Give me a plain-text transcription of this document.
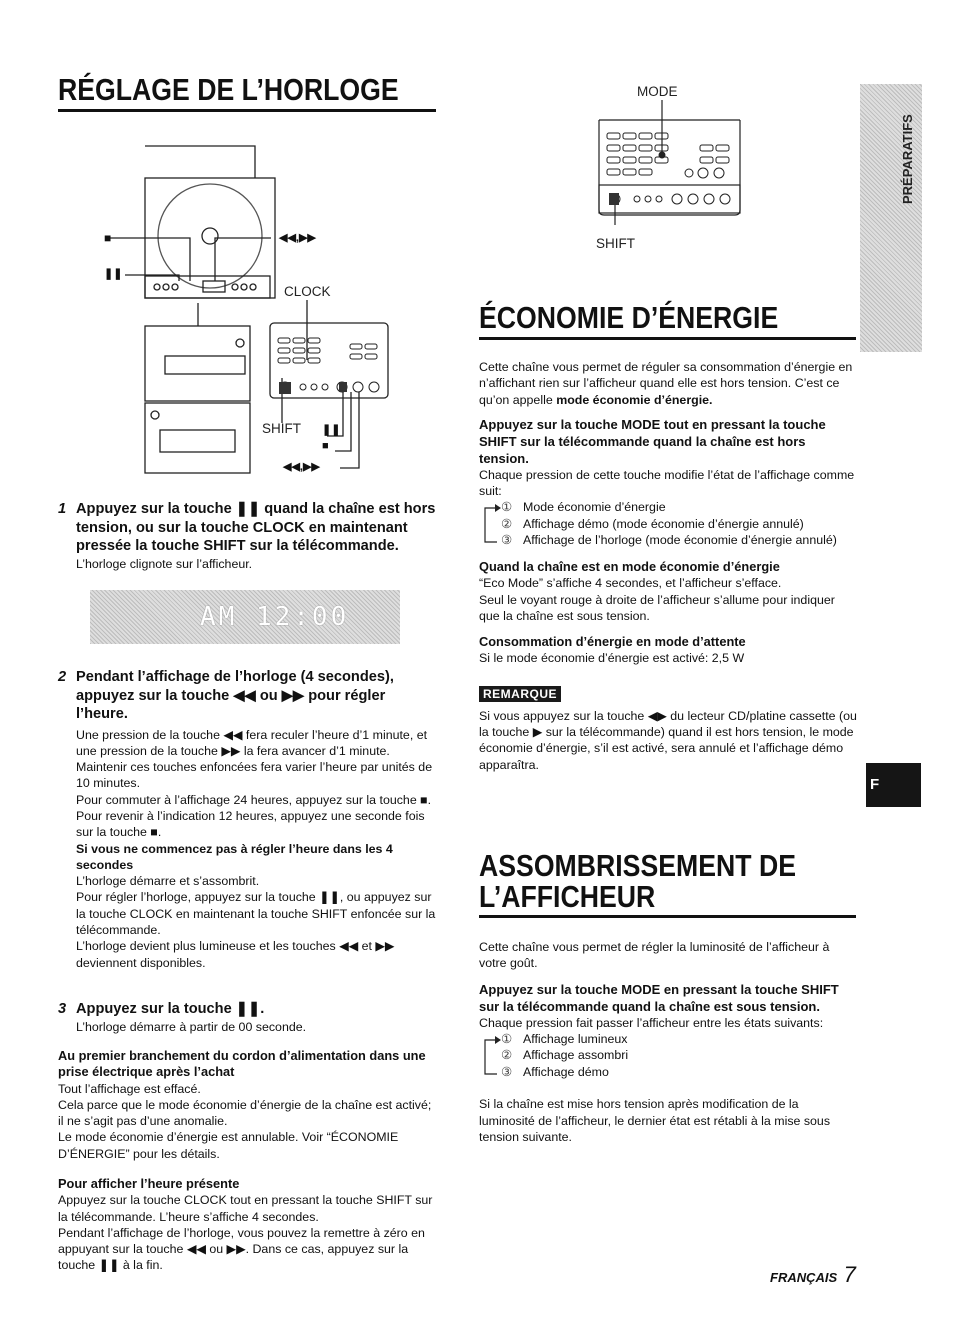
RÉGLAGE DE L’HORLOGE
CLOCK
SHIFT
■
❚❚
◀◀,▶▶
❚❚
■
◀◀,▶▶
1 Appuyez sur la touche ❚❚ quand la chaîne est hors tension, ou sur la touche CLOCK en maintenant pressée la touche SHIFT sur la télécommande.

L’horloge clignote sur l’afficheur.

AM 12:00
2 Pendant l’affichage de l’horloge (4 secondes), appuyez sur la touche ◀◀ ou ▶▶ pour régler l’heure.

Une pression de la touche ◀◀ fera reculer l’heure d’1 minute, et une pression de la touche ▶▶ la fera avancer d’1 minute. Maintenir ces touches enfoncées fera varier l’heure par unités de 10 minutes.

Pour commuter à l’affichage 24 heures, appuyez sur la touche ■.

Pour revenir à l’indication 12 heures, appuyez une seconde fois sur la touche ■.

Si vous ne commencez pas à régler l’heure dans les 4 secondes

L’horloge démarre et s’assombrit.

Pour régler l’horloge, appuyez sur la touche ❚❚, ou appuyez sur la touche CLOCK en maintenant la touche SHIFT enfoncée sur la télécommande.

L’horloge devient plus lumineuse et les touches ◀◀ et ▶▶ deviennent disponibles.

3 Appuyez sur la touche ❚❚.

L’horloge démarre à partir de 00 seconde.

Au premier branchement du cordon d’alimentation dans une prise électrique après l’achat

Tout l’affichage est effacé.

Cela parce que le mode économie d’énergie de la chaîne est activé; il ne s’agit pas d’une anomalie.

Le mode économie d’énergie est annulable. Voir “ÉCONOMIE D’ÉNERGIE” pour les détails.

Pour afficher l’heure présente

Appuyez sur la touche CLOCK tout en pressant la touche SHIFT sur la télécommande. L’heure s’affiche 4 secondes.

Pendant l’affichage de l’horloge, vous pouvez la remettre à zéro en appuyant sur la touche ◀◀ ou ▶▶. Dans ce cas, appuyez sur la touche ❚❚ à la fin.

MODE
SHIFT
PRÉPARATIFS
ÉCONOMIE D’ÉNERGIE

Cette chaîne vous permet de réguler sa consommation d’énergie en n’affichant rien sur l’afficheur quand elle est hors tension. C’est ce qu’on appelle mode économie d’énergie.

Appuyez sur la touche MODE tout en pressant la touche SHIFT sur la télécommande quand la chaîne est hors tension.

Chaque pression de cette touche modifie l’état de l’affichage comme suit:

① Mode économie d’énergie
② Affichage démo (mode économie d’énergie annulé)
③ Affichage de l’horloge (mode économie d’énergie annulé)

Quand la chaîne est en mode économie d’énergie

“Eco Mode” s’affiche 4 secondes, et l’afficheur s’efface.

Seul le voyant rouge à droite de l’afficheur s’allume pour indiquer que la chaîne est sous tension.

Consommation d’énergie en mode d’attente

Si le mode économie d’énergie est activé: 2,5 W

REMARQUE

Si vous appuyez sur la touche ◀▶ du lecteur CD/platine cassette (ou la touche ▶ sur la télécommande) quand il est hors tension, le mode économie d’énergie, s’il est activé, sera annulé et l’affichage démo apparaîtra.

F
ASSOMBRISSEMENT DE
L’AFFICHEUR

Cette chaîne vous permet de régler la luminosité de l’afficheur à votre goût.

Appuyez sur la touche MODE en pressant la touche SHIFT sur la télécommande quand la chaîne est sous tension.

Chaque pression fait passer l’afficheur entre les états suivants:

① Affichage lumineux
② Affichage assombri
③ Affichage démo

Si la chaîne est mise hors tension après modification de la luminosité de l’afficheur, le dernier état est rétabli à la mise sous tension suivante.

FRANÇAIS 7
